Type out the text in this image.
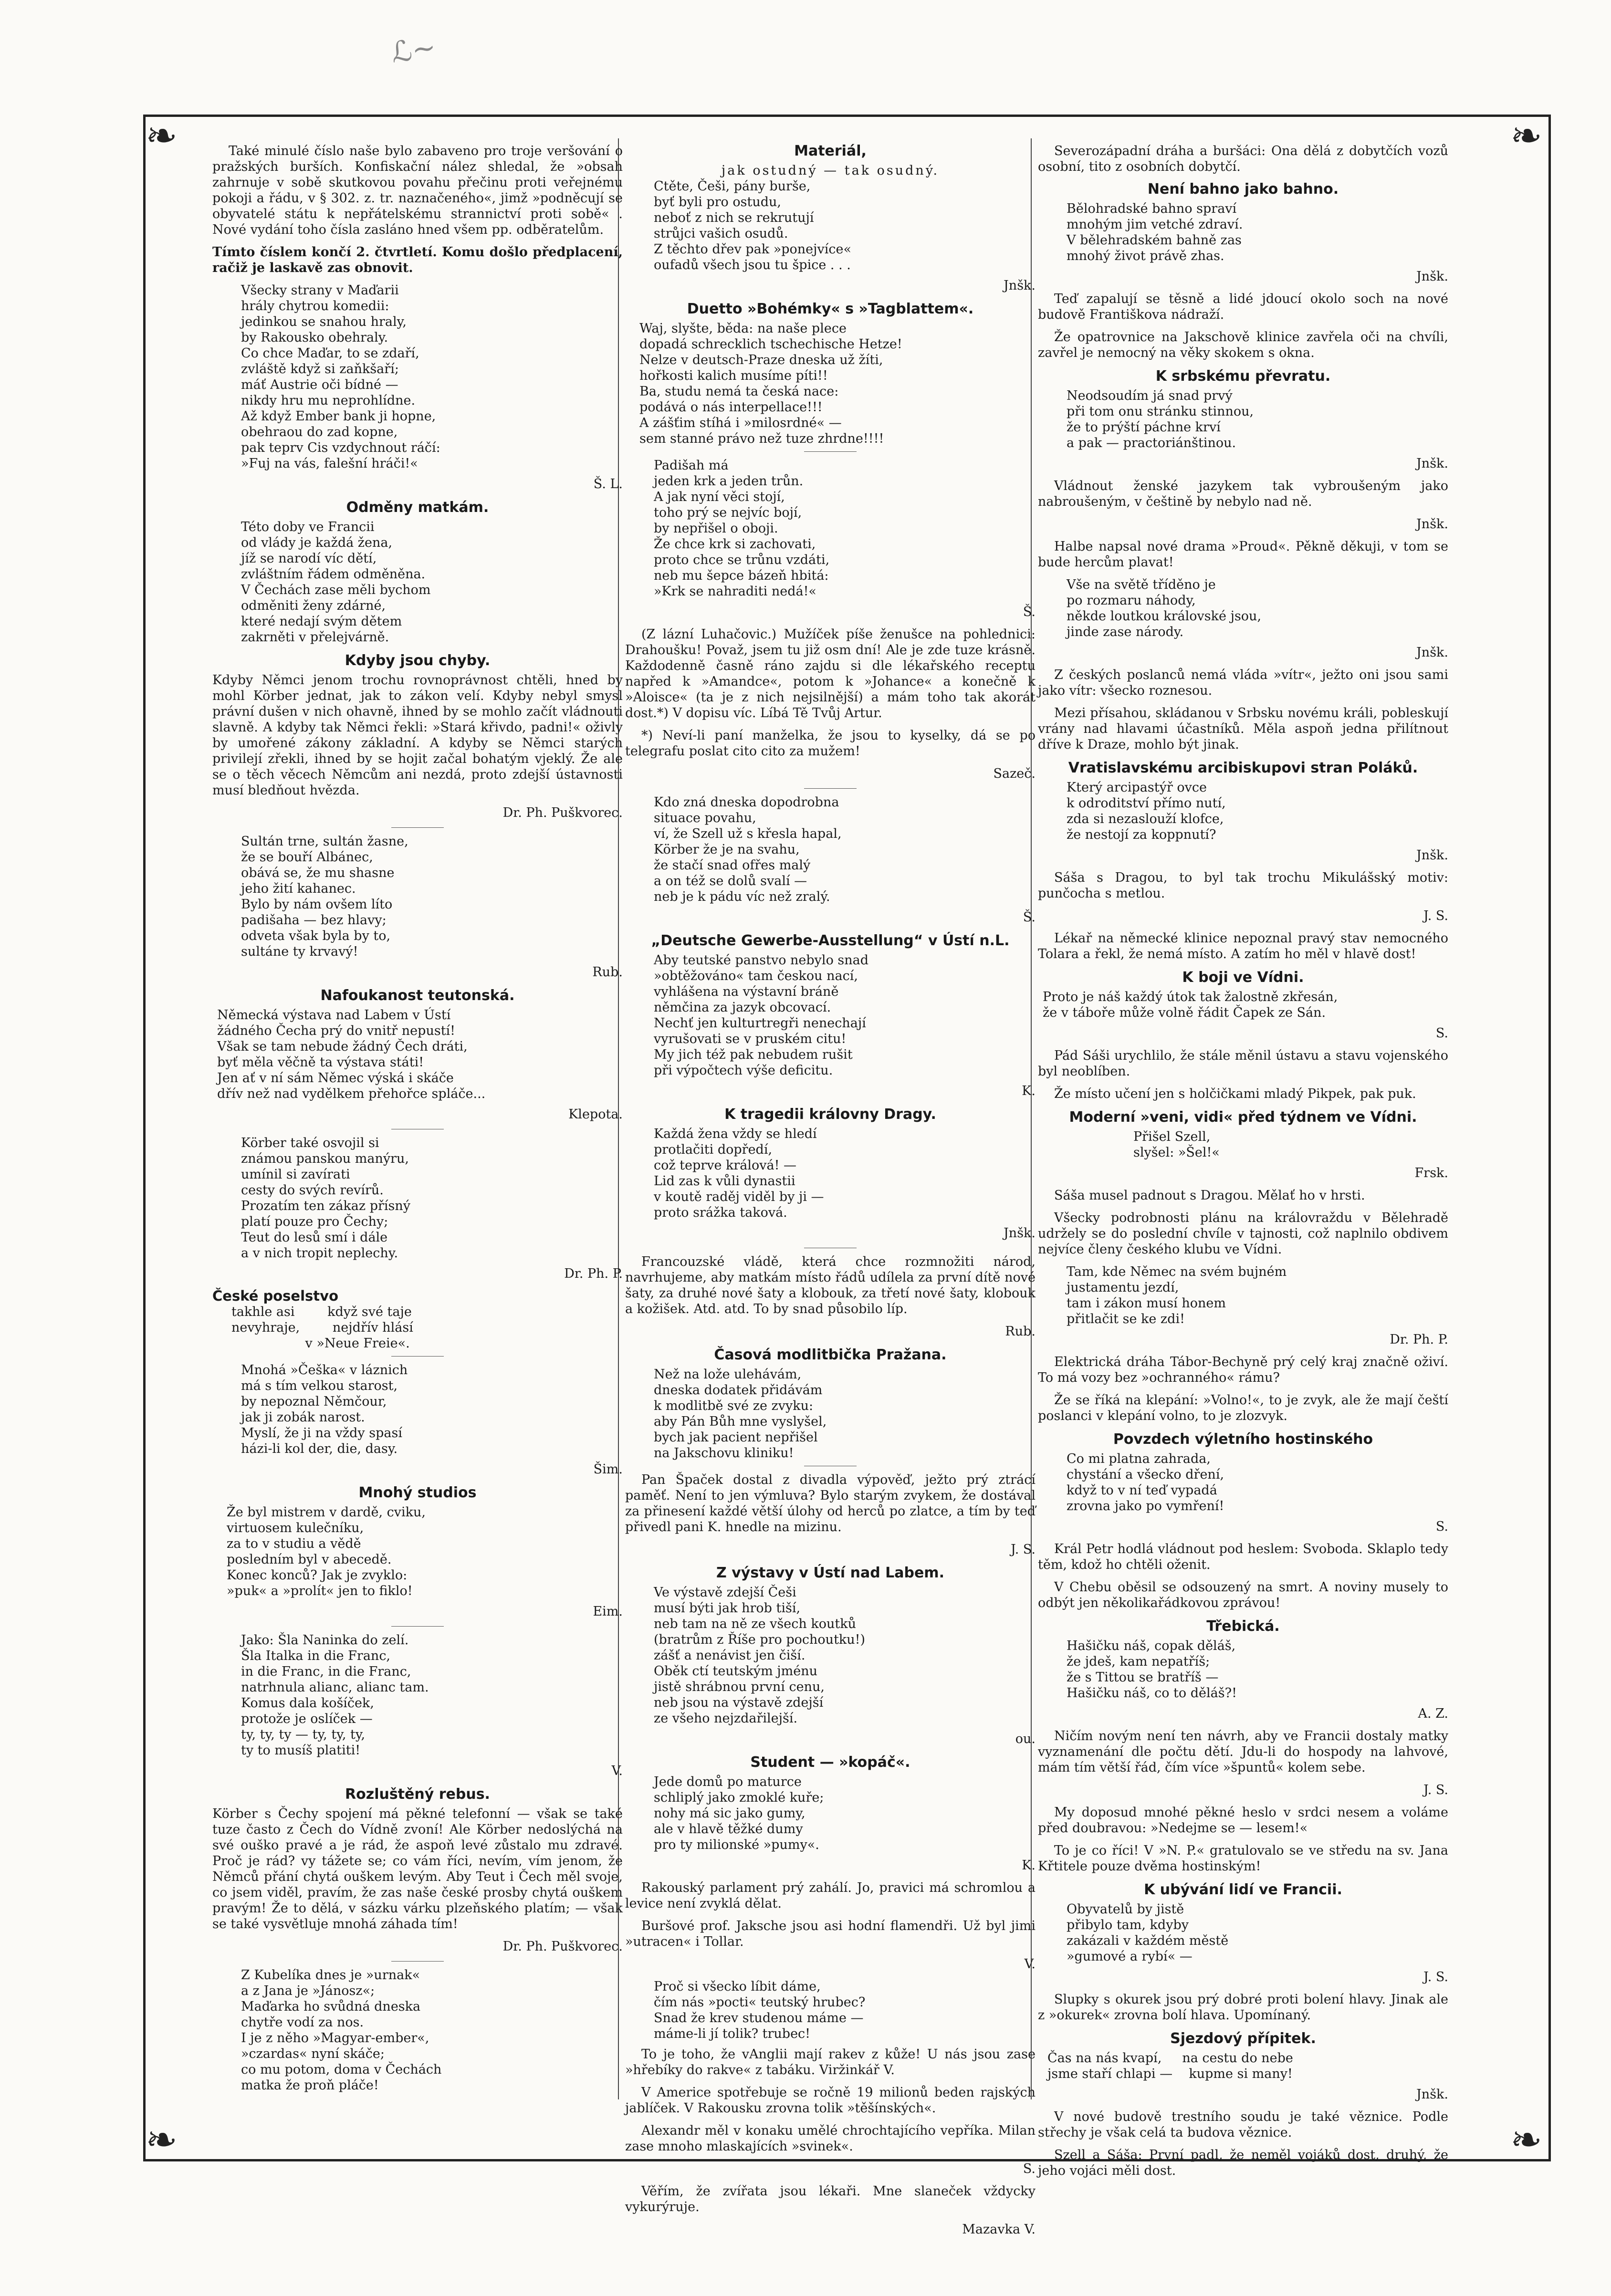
ℒ~
❧	❧
❧	❧

Také minulé číslo naše bylo zabaveno pro troje veršování o pražských burších. Konfiskační nález shledal, že »obsah zahrnuje v sobě skutkovou povahu přečinu proti veřejnému pokoji a řádu, v § 302. z. tr. naznačeného«, jimž »podněcují se obyvatelé státu k nepřátelskému strannictví proti sobě« . Nové vydání toho čísla zasláno hned všem pp. odběratelům.

Tímto číslem končí 2. čtvrtletí. Komu došlo předplacení, račiž je laskavě zas obnovit.

Všecky strany v Maďarii
hrály chytrou komedii:
jedinkou se snahou hraly,
by Rakousko obehraly.
Co chce Maďar, to se zdaří,
zvláště když si zaňkšaří;
máť Austrie oči bídné —
nikdy hru mu neprohlídne.
Až když Ember bank ji hopne,
obehraou do zad kopne,
pak teprv Cis vzdychnout ráčí:
»Fuj na vás, falešní hráči!«
Š. L.
Odměny matkám.
Této doby ve Francii
od vlády je každá žena,
jíž se narodí víc dětí,
zvláštním řádem odměněna.
V Čechách zase měli bychom
odměniti ženy zdárné,
které nedají svým dětem
zakrněti v přelejvárně.
Kdyby jsou chyby.

Kdyby Němci jenom trochu rovnoprávnost chtěli, hned by mohl Körber jednat, jak to zákon velí. Kdyby nebyl smysl právní dušen v nich ohavně, ihned by se mohlo začít vládnouti slavně. A kdyby tak Němci řekli: »Stará křivdo, padni!« oživly by umořené zákony základní. A kdyby se Němci starých privilejí zřekli, ihned by se hojit začal bohatým vjeklý. Že ale se o těch věcech Němcům ani nezdá, proto zdejší ústavnosti musí bledňout hvězda.

Dr. Ph. Puškvorec.
Sultán trne, sultán žasne,
že se bouří Albánec,
obává se, že mu shasne
jeho žití kahanec.
Bylo by nám ovšem líto
padišaha — bez hlavy;
odveta však byla by to,
sultáne ty krvavý!
Rub.
Nafoukanost teutonská.
Německá výstava nad Labem v Ústí
žádného Čecha prý do vnitř nepustí!
Však se tam nebude žádný Čech dráti,
byť měla věčně ta výstava státi!
Jen ať v ní sám Němec výská i skáče
dřív než nad vydělkem přehořce spláče...
Klepota.
Körber také osvojil si
známou panskou manýru,
umínil si zavírati
cesty do svých revírů.
Prozatím ten zákaz přísný
platí pouze pro Čechy;
Teut do lesů smí i dále
a v nich tropit neplechy.
Dr. Ph. P.
České poselstvo
takhle asi        když své taje
nevyhraje,        nejdřív hlásí
v »Neue Freie«.
Mnohá »Češka« v láznich
má s tím velkou starost,
by nepoznal Němčour,
jak ji zobák narost.
Myslí, že ji na vždy spasí
házi-li kol der, die, dasy.
Šim.
Mnohý studios
Že byl mistrem v dardě, cviku,
virtuosem kulečníku,
za to v studiu a vědě
posledním byl v abecedě.
Konec konců? Jak je zvyklo:
»puk« a »prolít« jen to fiklo!
Eim.
Jako: Šla Naninka do zelí.
Šla Italka in die Franc,
in die Franc, in die Franc,
natrhnula alianc, alianc tam.
Komus dala košíček,
protože je oslíček —
ty, ty, ty — ty, ty, ty,
ty to musíš platiti!
V.
Rozluštěný rebus.

Körber s Čechy spojení má pěkné telefonní — však se také tuze často z Čech do Vídně zvoní! Ale Körber nedoslýchá na své ouško pravé a je rád, že aspoň levé zůstalo mu zdravé. Proč je rád? vy tážete se; co vám říci, nevím, vím jenom, že Němců přání chytá ouškem levým. Aby Teut i Čech měl svoje, co jsem viděl, pravím, že zas naše české prosby chytá ouškem pravým! Že to dělá, v sázku várku plzeňského platím; — však se také vysvětluje mnohá záhada tím!

Dr. Ph. Puškvorec.
Z Kubelíka dnes je »urnak«
a z Jana je »Jánosz«;
Maďarka ho svůdná dneska
chytře vodí za nos.
I je z něho »Magyar-ember«,
»czardas« nyní skáče;
co mu potom, doma v Čechách
matka že proň pláče!
Materiál,
jak ostudný — tak osudný.
Ctěte, Češi, pány burše,
byť byli pro ostudu,
neboť z nich se rekrutují
strůjci vašich osudů.
Z těchto dřev pak »ponejvíce«
oufadů všech jsou tu špice . . .
Jnšk.
Duetto »Bohémky« s »Tagblattem«.
Waj, slyšte, běda: na naše plece
dopadá schrecklich tschechische Hetze!
Nelze v deutsch-Praze dneska už žíti,
hořkosti kalich musíme píti!!
Ba, studu nemá ta česká nace:
podává o nás interpellace!!!
A zášťim stíhá i »milosrdné« —
sem stanné právo než tuze zhrdne!!!!
Padišah má
jeden krk a jeden trůn.
A jak nyní věci stojí,
toho prý se nejvíc bojí,
by nepřišel o oboji.
Že chce krk si zachovati,
proto chce se trůnu vzdáti,
neb mu šepce bázeň hbitá:
»Krk se nahraditi nedá!«
Š.

(Z lázní Luhačovic.) Mužíček píše ženušce na pohlednici: Drahoušku! Považ, jsem tu již osm dní! Ale je zde tuze krásně. Každodenně časně ráno zajdu si dle lékařského receptu napřed k »Amandce«, potom k »Johance« a konečně k »Aloisce« (ta je z nich nejsilnější) a mám toho tak akorát dost.*) V dopisu víc. Líbá Tě Tvůj Artur.

*) Neví-li paní manželka, že jsou to kyselky, dá se po telegrafu poslat cito cito za mužem!

Sazeč.
Kdo zná dneska dopodrobna
situace povahu,
ví, že Szell už s křesla hapal,
Körber že je na svahu,
že stačí snad ofřes malý
a on též se dolů svalí —
neb je k pádu víc než zralý.
Š.
„Deutsche Gewerbe-Ausstellung“ v Ústí n.L.
Aby teutské panstvo nebylo snad
»obtěžováno« tam českou nací,
vyhlášena na výstavní bráně
němčina za jazyk obcovací.
Nechť jen kulturtregři nenechají
vyrušovati se v pruském citu!
My jich též pak nebudem rušit
při výpočtech výše deficitu.
K.
K tragedii královny Dragy.
Každá žena vždy se hledí
protlačiti dopředí,
což teprve králová! —
Lid zas k vůli dynastii
v koutě raděj viděl by ji —
proto srážka taková.
Jnšk.

Francouzské vládě, která chce rozmnožiti národ, navrhujeme, aby matkám místo řádů udílela za první dítě nové šaty, za druhé nové šaty a klobouk, za třetí nové šaty, klobouk a kožišek. Atd. atd. To by snad působilo líp.

Rub.
Časová modlitbička Pražana.
Než na lože ulehávám,
dneska dodatek přidávám
k modlitbě své ze zvyku:
aby Pán Bůh mne vyslyšel,
bych jak pacient nepřišel
na Jakschovu kliniku!

Pan Špaček dostal z divadla výpověď, ježto prý ztrácí paměť. Není to jen výmluva? Bylo starým zvykem, že dostával za přinesení každé větší úlohy od herců po zlatce, a tím by teď přivedl pani K. hnedle na mizinu.

J. S.
Z výstavy v Ústí nad Labem.
Ve výstavě zdejší Češi
musí býti jak hrob tiší,
neb tam na ně ze všech koutků
(bratrům z Říše pro pochoutku!)
zášť a nenávist jen čiší.
Oběk ctí teutským jménu
jistě shrábnou první cenu,
neb jsou na výstavě zdejší
ze všeho nejzdařilejší.
ou.
Student — »kopáč«.
Jede domů po maturce
schliplý jako zmoklé kuře;
nohy má sic jako gumy,
ale v hlavě těžké dumy
pro ty milionské »pumy«.
K.

Rakouský parlament prý zahálí. Jo, pravici má schromlou a levice není zvyklá dělat.

Buršové prof. Jaksche jsou asi hodní flamendři. Už byl jimi »utracen« i Tollar.

V.
Proč si všecko líbit dáme,
čím nás »pocti« teutský hrubec?
Snad že krev studenou máme —
máme-li jí tolik? trubec!

To je toho, že vAnglii mají rakev z kůže! U nás jsou zase »hřebíky do rakve« z tabáku. Viržinkář V.

V Americe spotřebuje se ročně 19 milionů beden rajských jablíček. V Rakousku zrovna tolik »těšínských«.

Alexandr měl v konaku umělé chrochtajícího vepříka. Milan zase mnoho mlaskajících »svinek«.

S.

Věřím, že zvířata jsou lékaři. Mne slaneček vždycky vykurýruje.

Mazavka V.

Severozápadní dráha a buršáci: Ona dělá z dobytčích vozů osobní, tito z osobních dobytčí.

Není bahno jako bahno.
Bělohradské bahno spraví
mnohým jim vetché zdraví.
V bělehradském bahně zas
mnohý život právě zhas.
Jnšk.

Teď zapalují se těsně a lidé jdoucí okolo soch na nové budově Františkova nádraží.

Že opatrovnice na Jakschově klinice zavřela oči na chvíli, zavřel je nemocný na věky skokem s okna.

K srbskému převratu.
Neodsoudím já snad prvý
při tom onu stránku stinnou,
že to prýští páchne krví
a pak — practoriánštinou.
Jnšk.

Vládnout ženské jazykem tak vybroušeným jako nabroušeným, v češtině by nebylo nad ně.

Jnšk.

Halbe napsal nové drama »Proud«. Pěkně děkuji, v tom se bude hercům plavat!

Vše na světě tříděno je
po rozmaru náhody,
někde loutkou královské jsou,
jinde zase národy.
Jnšk.

Z českých poslanců nemá vláda »vítr«, ježto oni jsou sami jako vítr: všecko roznesou.

Mezi přísahou, skládanou v Srbsku novému králi, pobleskují vrány nad hlavami účastníků. Měla aspoň jedna přilítnout dříve k Draze, mohlo být jinak.

Vratislavskému arcibiskupovi stran Poláků.
Který arcipastýř ovce
k odroditství přímo nutí,
zda si nezaslouží klofce,
že nestojí za koppnutí?
Jnšk.

Sáša s Dragou, to byl tak trochu Mikulášský motiv: punčocha s metlou.

J. S.

Lékař na německé klinice nepoznal pravý stav nemocného Tolara a řekl, že nemá místo. A zatím ho měl v hlavě dost!

K boji ve Vídni.
Proto je náš každý útok tak žalostně zkřesán,
že v táboře může volně řádit Čapek ze Sán.
S.

Pád Sáši urychlilo, že stále měnil ústavu a stavu vojenského byl neoblíben.

Že místo učení jen s holčičkami mladý Pikpek, pak puk.

Moderní »veni, vidi« před týdnem ve Vídni.
Přišel Szell,
slyšel: »Šel!«
Frsk.

Sáša musel padnout s Dragou. Mělať ho v hrsti.

Všecky podrobnosti plánu na královraždu v Bělehradě udržely se do poslední chvíle v tajnosti, což naplnilo obdivem nejvíce členy českého klubu ve Vídni.

Tam, kde Němec na svém bujném
justamentu jezdí,
tam i zákon musí honem
přitlačit se ke zdi!
Dr. Ph. P.

Elektrická dráha Tábor-Bechyně prý celý kraj značně oživí. To má vozy bez »ochranného« rámu?

Že se říká na klepání: »Volno!«, to je zvyk, ale že mají čeští poslanci v klepání volno, to je zlozvyk.

Povzdech výletního hostinského
Co mi platna zahrada,
chystání a všecko dření,
když to v ní teď vypadá
zrovna jako po vymření!
S.

Král Petr hodlá vládnout pod heslem: Svoboda. Sklaplo tedy těm, kdož ho chtěli oženit.

V Chebu oběsil se odsouzený na smrt. A noviny musely to odbýt jen několikařádkovou zprávou!

Třebická.
Hašičku náš, copak děláš,
že jdeš, kam nepatříš;
že s Tittou se bratříš —
Hašičku náš, co to děláš?!
A. Z.

Ničím novým není ten návrh, aby ve Francii dostaly matky vyznamenání dle počtu dětí. Jdu-li do hospody na lahvové, mám tím větší řád, čím více »špuntů« kolem sebe.

J. S.

My doposud mnohé pěkné heslo v srdci nesem a voláme před doubravou: »Nedejme se — lesem!«

To je co říci! V »N. P.« gratulovalo se ve středu na sv. Jana Křtitele pouze dvěma hostinským!

K ubývání lidí ve Francii.
Obyvatelů by jistě
přibylo tam, kdyby
zakázali v každém městě
»gumové a rybí« —
J. S.

Slupky s okurek jsou prý dobré proti bolení hlavy. Jinak ale z »okurek« zrovna bolí hlava. Upomínaný.

Sjezdový přípitek.
Čas na nás kvapí,     na cestu do nebe
jsme staří chlapi —    kupme si many!
Jnšk.

V nové budově trestního soudu je také věznice. Podle střechy je však celá ta budova věznice.

Szell a Sáša: První padl, že neměl vojáků dost, druhý, že jeho vojáci měli dost.
